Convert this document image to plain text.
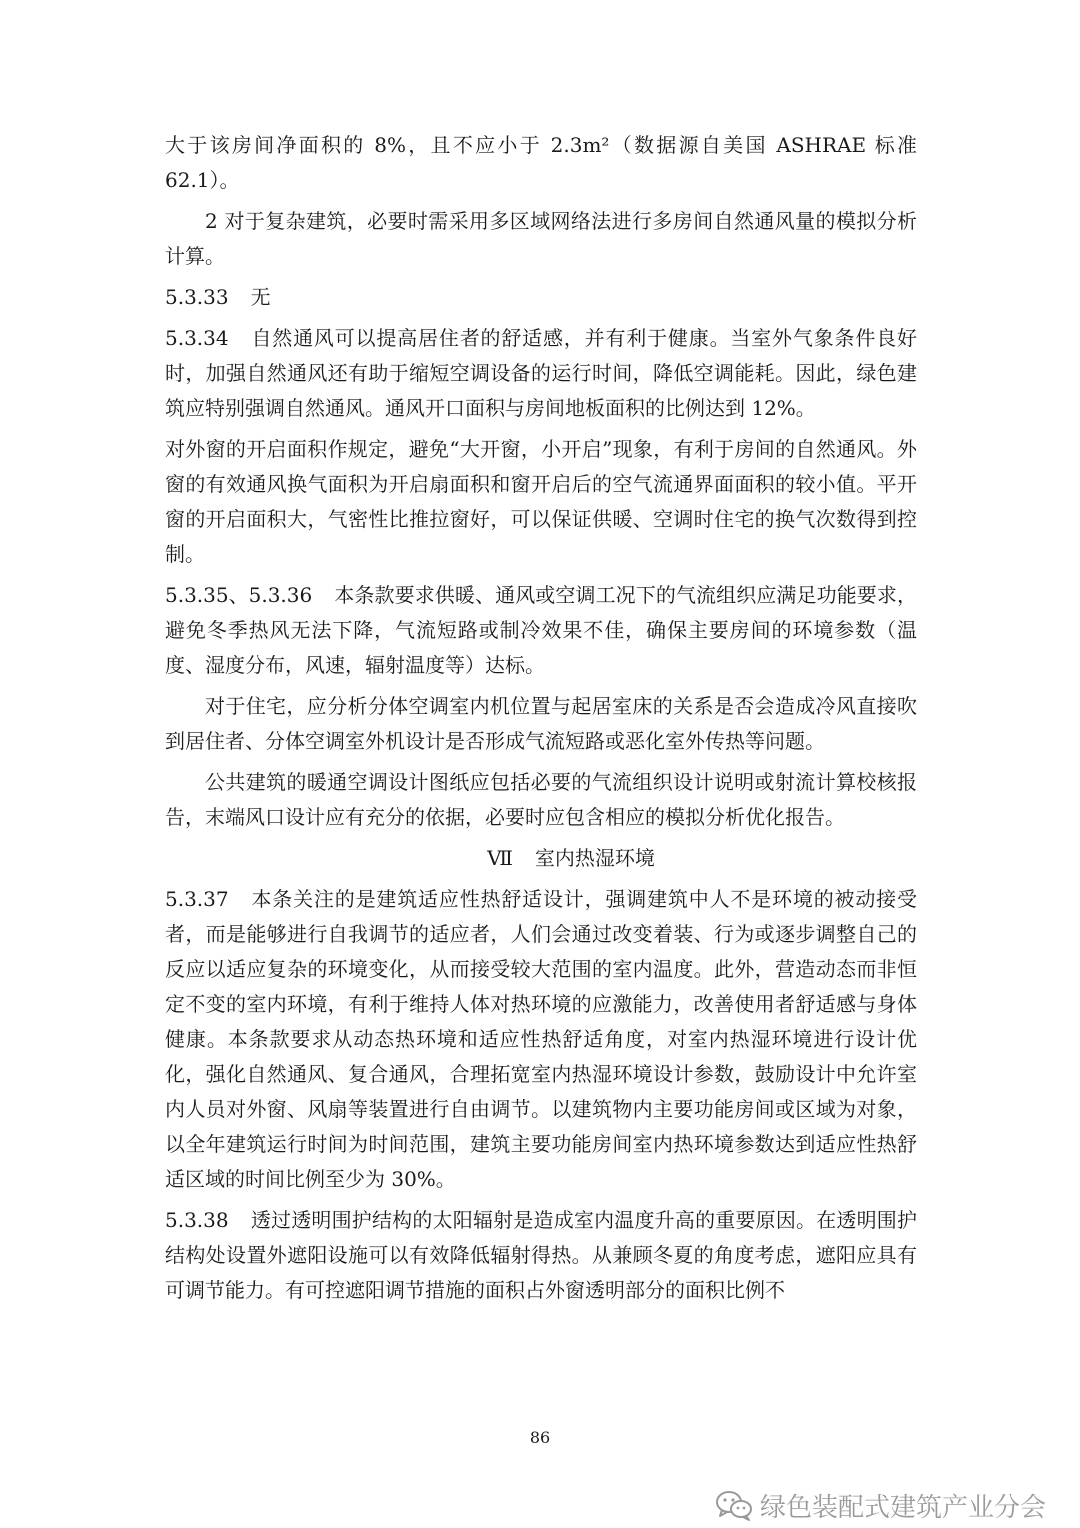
大于该房间净面积的 8%，且不应小于 2.3m²（数据源自美国 ASHRAE 标准 62.1）。

2 对于复杂建筑，必要时需采用多区域网络法进行多房间自然通风量的模拟分析计算。

5.3.33 无

5.3.34 自然通风可以提高居住者的舒适感，并有利于健康。当室外气象条件良好时，加强自然通风还有助于缩短空调设备的运行时间，降低空调能耗。因此，绿色建筑应特别强调自然通风。通风开口面积与房间地板面积的比例达到 12%。

对外窗的开启面积作规定，避免“大开窗，小开启”现象，有利于房间的自然通风。外窗的有效通风换气面积为开启扇面积和窗开启后的空气流通界面面积的较小值。平开窗的开启面积大，气密性比推拉窗好，可以保证供暖、空调时住宅的换气次数得到控制。

5.3.35、5.3.36 本条款要求供暖、通风或空调工况下的气流组织应满足功能要求，避免冬季热风无法下降，气流短路或制冷效果不佳，确保主要房间的环境参数（温度、湿度分布，风速，辐射温度等）达标。

对于住宅，应分析分体空调室内机位置与起居室床的关系是否会造成冷风直接吹到居住者、分体空调室外机设计是否形成气流短路或恶化室外传热等问题。

公共建筑的暖通空调设计图纸应包括必要的气流组织设计说明或射流计算校核报告，末端风口设计应有充分的依据，必要时应包含相应的模拟分析优化报告。

Ⅶ 室内热湿环境

5.3.37 本条关注的是建筑适应性热舒适设计，强调建筑中人不是环境的被动接受者，而是能够进行自我调节的适应者，人们会通过改变着装、行为或逐步调整自己的反应以适应复杂的环境变化，从而接受较大范围的室内温度。此外，营造动态而非恒定不变的室内环境，有利于维持人体对热环境的应激能力，改善使用者舒适感与身体健康。本条款要求从动态热环境和适应性热舒适角度，对室内热湿环境进行设计优化，强化自然通风、复合通风，合理拓宽室内热湿环境设计参数，鼓励设计中允许室内人员对外窗、风扇等装置进行自由调节。以建筑物内主要功能房间或区域为对象，以全年建筑运行时间为时间范围，建筑主要功能房间室内热环境参数达到适应性热舒适区域的时间比例至少为 30%。

5.3.38 透过透明围护结构的太阳辐射是造成室内温度升高的重要原因。在透明围护结构处设置外遮阳设施可以有效降低辐射得热。从兼顾冬夏的角度考虑，遮阳应具有可调节能力。有可控遮阳调节措施的面积占外窗透明部分的面积比例不

86
绿色装配式建筑产业分会
